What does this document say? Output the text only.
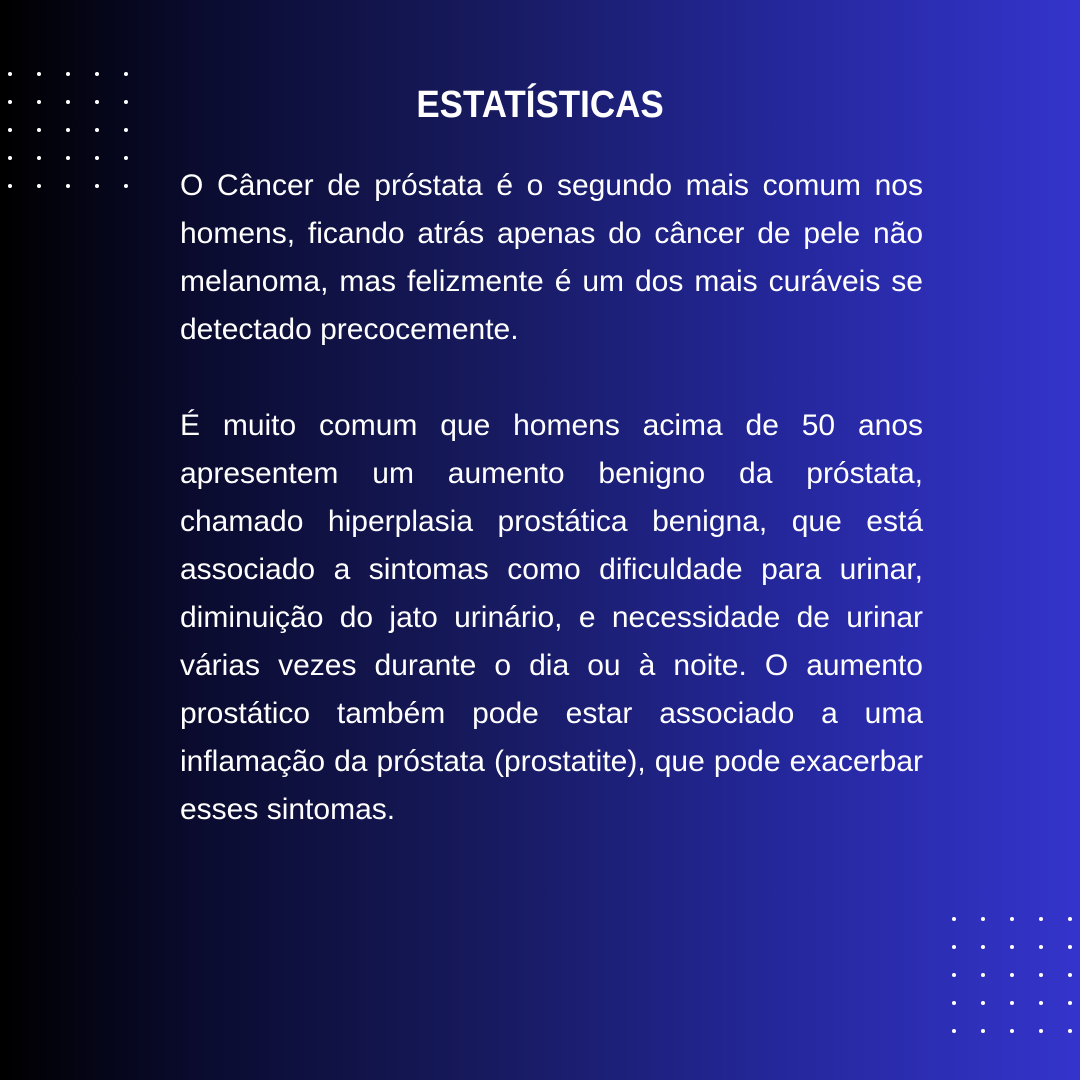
ESTATÍSTICAS

O Câncer de próstata é o segundo mais comum nos homens, ficando atrás apenas do câncer de pele não melanoma, mas felizmente é um dos mais curáveis se detectado precocemente.

É muito comum que homens acima de 50 anos apresentem um aumento benigno da próstata, chamado hiperplasia prostática benigna, que está associado a sintomas como dificuldade para urinar, diminuição do jato urinário, e necessidade de urinar várias vezes durante o dia ou à noite. O aumento prostático também pode estar associado a uma inflamação da próstata (prostatite), que pode exacerbar esses sintomas.
